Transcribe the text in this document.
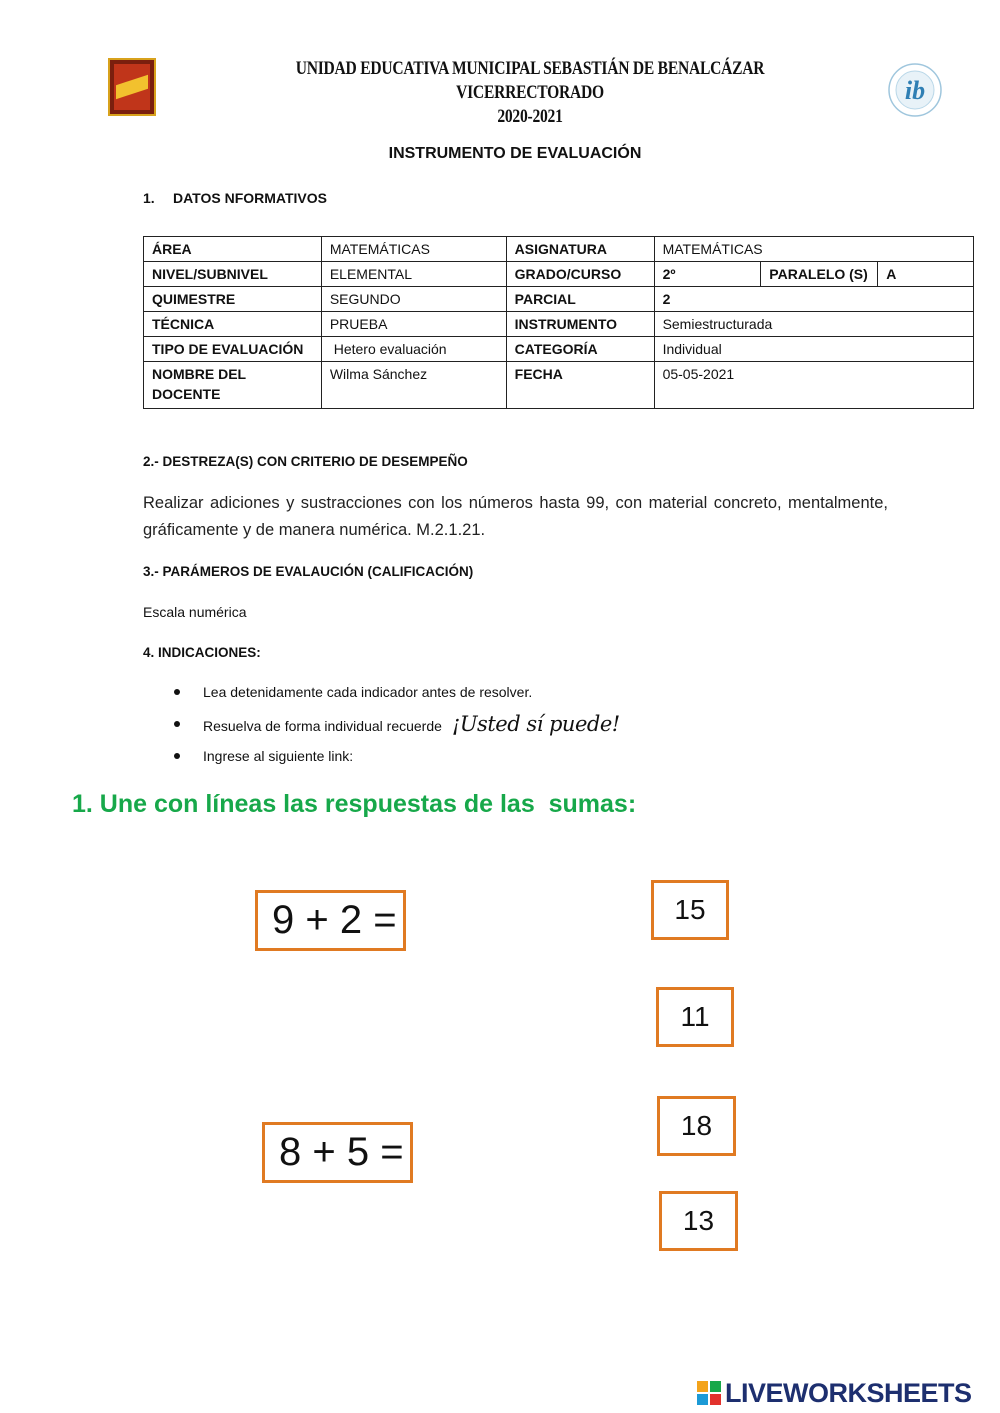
ib
UNIDAD EDUCATIVA MUNICIPAL SEBASTIÁN DE BENALCÁZAR
VICERRECTORADO
2020-2021
INSTRUMENTO DE EVALUACIÓN
1. DATOS NFORMATIVOS
ÁREA	MATEMÁTICAS	ASIGNATURA	MATEMÁTICAS		
NIVEL/SUBNIVEL	ELEMENTAL	GRADO/CURSO	2º	PARALELO (S)	A
QUIMESTRE	SEGUNDO	PARCIAL	2		
TÉCNICA	PRUEBA	INSTRUMENTO	Semiestructurada		
TIPO DE EVALUACIÓN	Hetero evaluación	CATEGORÍA	Individual		

NOMBRE DEL
DOCENTE	Wilma Sánchez	FECHA	05-05-2021		
2.- DESTREZA(S) CON CRITERIO DE DESEMPEÑO
Realizar adiciones y sustracciones con los números hasta 99, con material concreto, mentalmente, gráficamente y de manera numérica. M.2.1.21.
3.- PARÁMEROS DE EVALAUCIÓN (CALIFICACIÓN)
Escala numérica
4. INDICACIONES:
Lea detenidamente cada indicador antes de resolver.
Resuelva de forma individual recuerde ¡Usted sí puede!
Ingrese al siguiente link:
1. Une con líneas las respuestas de las  sumas:
9 + 2 =
8 + 5 =
15
11
18
13
LIVEWORKSHEETS
